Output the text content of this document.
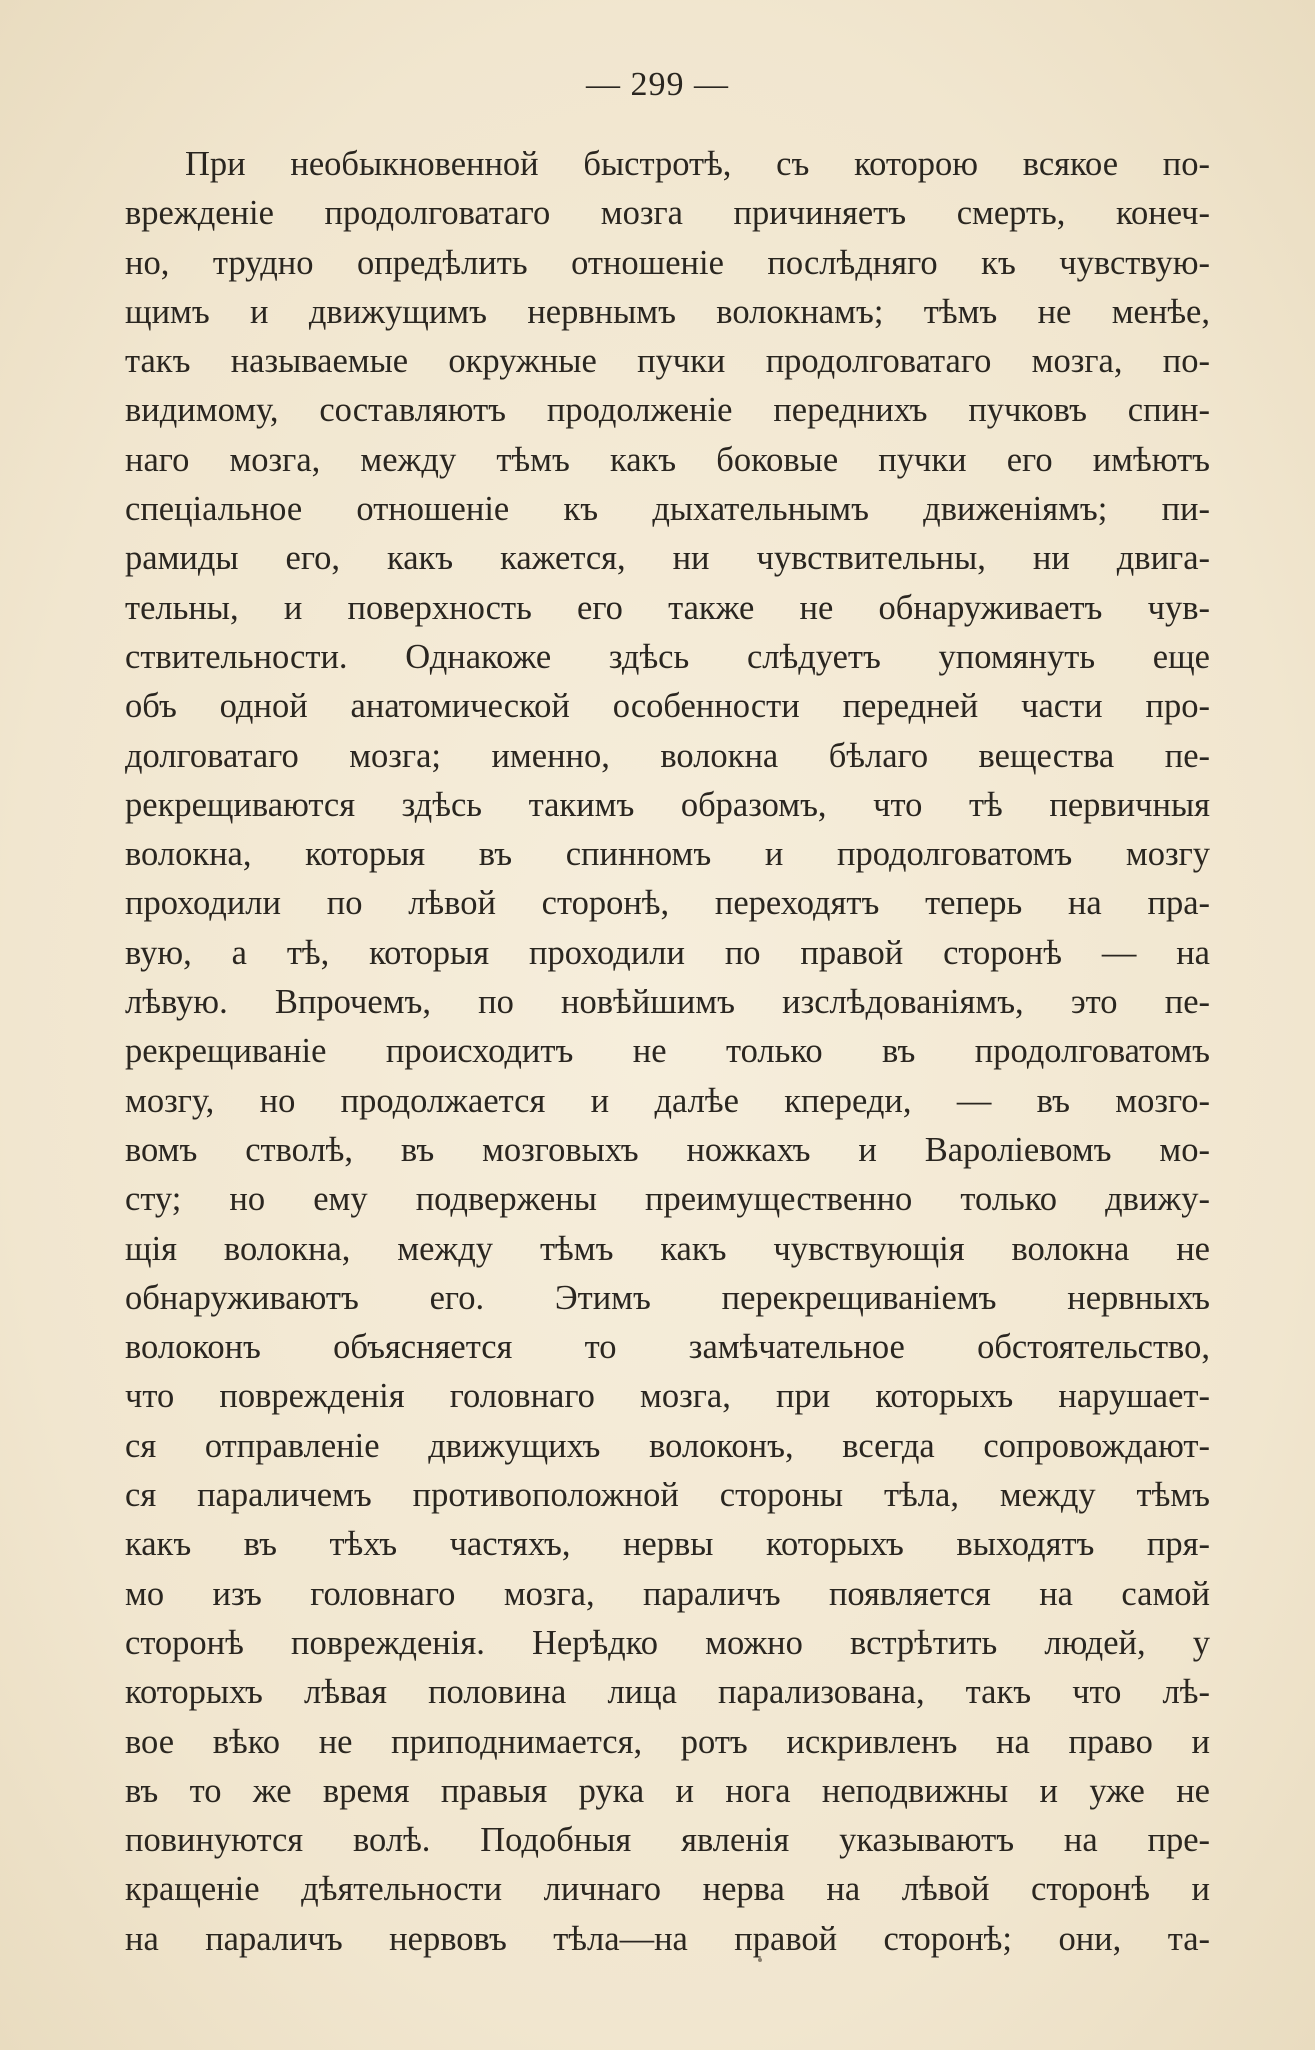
— 299 —
При необыкновенной быстротѣ, съ которою всякое по-
врежденіе продолговатаго мозга причиняетъ смерть, конеч-
но, трудно опредѣлить отношеніе послѣдняго къ чувствую-
щимъ и движущимъ нервнымъ волокнамъ; тѣмъ не менѣе,
такъ называемые окружные пучки продолговатаго мозга, по-
видимому, составляютъ продолженіе переднихъ пучковъ спин-
наго мозга, между тѣмъ какъ боковые пучки его имѣютъ
спеціальное отношеніе къ дыхательнымъ движеніямъ; пи-
рамиды его, какъ кажется, ни чувствительны, ни двига-
тельны, и поверхность его также не обнаруживаетъ чув-
ствительности. Однакоже здѣсь слѣдуетъ упомянуть еще
объ одной анатомической особенности передней части про-
долговатаго мозга; именно, волокна бѣлаго вещества пе-
рекрещиваются здѣсь такимъ образомъ, что тѣ первичныя
волокна, которыя въ спинномъ и продолговатомъ мозгу
проходили по лѣвой сторонѣ, переходятъ теперь на пра-
вую, а тѣ, которыя проходили по правой сторонѣ — на
лѣвую. Впрочемъ, по новѣйшимъ изслѣдованіямъ, это пе-
рекрещиваніе происходитъ не только въ продолговатомъ
мозгу, но продолжается и далѣе кпереди, — въ мозго-
вомъ стволѣ, въ мозговыхъ ножкахъ и Вароліевомъ мо-
сту; но ему подвержены преимущественно только движу-
щія волокна, между тѣмъ какъ чувствующія волокна не
обнаруживаютъ его. Этимъ перекрещиваніемъ нервныхъ
волоконъ объясняется то замѣчательное обстоятельство,
что поврежденія головнаго мозга, при которыхъ нарушает-
ся отправленіе движущихъ волоконъ, всегда сопровождают-
ся параличемъ противоположной стороны тѣла, между тѣмъ
какъ въ тѣхъ частяхъ, нервы которыхъ выходятъ пря-
мо изъ головнаго мозга, параличъ появляется на самой
сторонѣ поврежденія. Нерѣдко можно встрѣтить людей, у
которыхъ лѣвая половина лица парализована, такъ что лѣ-
вое вѣко не приподнимается, ротъ искривленъ на право и
въ то же время правыя рука и нога неподвижны и уже не
повинуются волѣ. Подобныя явленія указываютъ на пре-
кращеніе дѣятельности личнаго нерва на лѣвой сторонѣ и
на параличъ нервовъ тѣла—на правой сторонѣ; они, та-
